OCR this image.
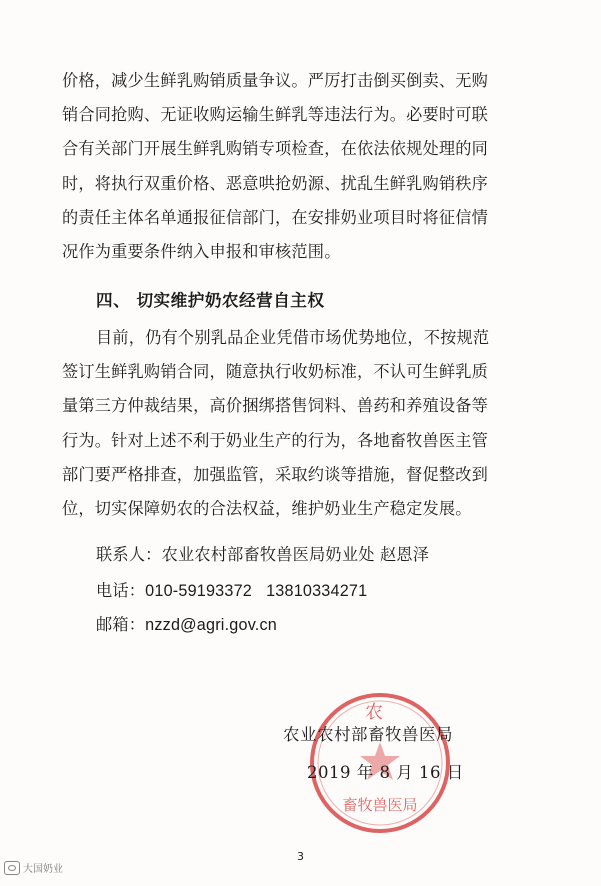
价格，减少生鲜乳购销质量争议。严厉打击倒买倒卖、无购
销合同抢购、无证收购运输生鲜乳等违法行为。必要时可联
合有关部门开展生鲜乳购销专项检查，在依法依规处理的同
时，将执行双重价格、恶意哄抢奶源、扰乱生鲜乳购销秩序
的责任主体名单通报征信部门，在安排奶业项目时将征信情
况作为重要条件纳入申报和审核范围。
四、 切实维护奶农经营自主权
目前，仍有个别乳品企业凭借市场优势地位，不按规范
签订生鲜乳购销合同，随意执行收奶标准，不认可生鲜乳质
量第三方仲裁结果，高价捆绑搭售饲料、兽药和养殖设备等
行为。针对上述不利于奶业生产的行为，各地畜牧兽医主管
部门要严格排查，加强监管，采取约谈等措施，督促整改到
位，切实保障奶农的合法权益，维护奶业生产稳定发展。
联系人：农业农村部畜牧兽医局奶业处 赵恩泽
电话：010-59193372   13810334271
邮箱：nzzd@agri.gov.cn
农
畜牧兽医局
农业农村部畜牧兽医局
2019 年 8 月 16 日
3
大国奶业
